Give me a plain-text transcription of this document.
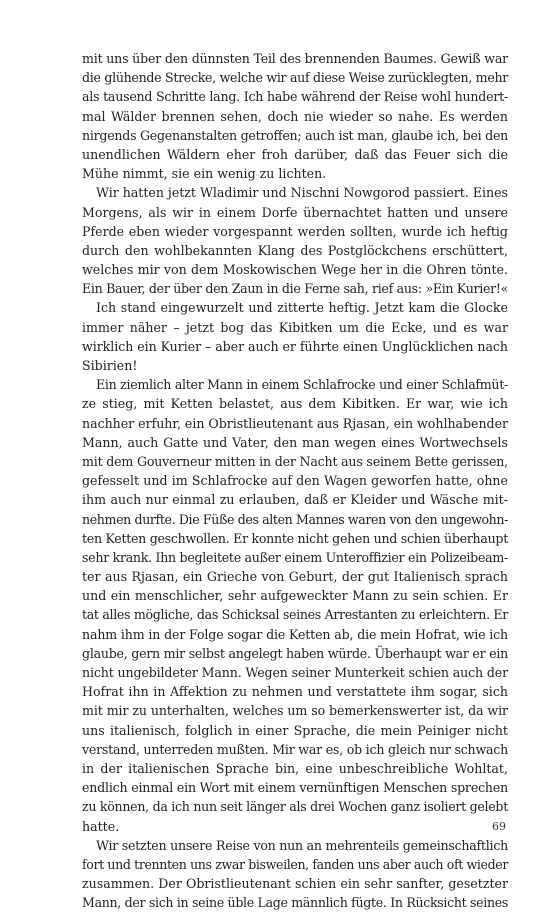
mit uns über den dünnsten Teil des brennenden Baumes. Gewiß war
die glühende Strecke, welche wir auf diese Weise zurücklegten, mehr
als tausend Schritte lang. Ich habe während der Reise wohl hundert-
mal Wälder brennen sehen, doch nie wieder so nahe. Es werden
nirgends Gegenanstalten getroffen; auch ist man, glaube ich, bei den
unendlichen Wäldern eher froh darüber, daß das Feuer sich die
Mühe nimmt, sie ein wenig zu lichten.
Wir hatten jetzt Wladimir und Nischni Nowgorod passiert. Eines
Morgens, als wir in einem Dorfe übernachtet hatten und unsere
Pferde eben wieder vorgespannt werden sollten, wurde ich heftig
durch den wohlbekannten Klang des Postglöckchens erschüttert,
welches mir von dem Moskowischen Wege her in die Ohren tönte.
Ein Bauer, der über den Zaun in die Ferne sah, rief aus: »Ein Kurier!«
Ich stand eingewurzelt und zitterte heftig. Jetzt kam die Glocke
immer näher – jetzt bog das Kibitken um die Ecke, und es war
wirklich ein Kurier – aber auch er führte einen Unglücklichen nach
Sibirien!
Ein ziemlich alter Mann in einem Schlafrocke und einer Schlafmüt-
ze stieg, mit Ketten belastet, aus dem Kibitken. Er war, wie ich
nachher erfuhr, ein Obristlieutenant aus Rjasan, ein wohlhabender
Mann, auch Gatte und Vater, den man wegen eines Wortwechsels
mit dem Gouverneur mitten in der Nacht aus seinem Bette gerissen,
gefesselt und im Schlafrocke auf den Wagen geworfen hatte, ohne
ihm auch nur einmal zu erlauben, daß er Kleider und Wäsche mit-
nehmen durfte. Die Füße des alten Mannes waren von den ungewohn-
ten Ketten geschwollen. Er konnte nicht gehen und schien überhaupt
sehr krank. Ihn begleitete außer einem Unteroffizier ein Polizeibeam-
ter aus Rjasan, ein Grieche von Geburt, der gut Italienisch sprach
und ein menschlicher, sehr aufgeweckter Mann zu sein schien. Er
tat alles mögliche, das Schicksal seines Arrestanten zu erleichtern. Er
nahm ihm in der Folge sogar die Ketten ab, die mein Hofrat, wie ich
glaube, gern mir selbst angelegt haben würde. Überhaupt war er ein
nicht ungebildeter Mann. Wegen seiner Munterkeit schien auch der
Hofrat ihn in Affektion zu nehmen und verstattete ihm sogar, sich
mit mir zu unterhalten, welches um so bemerkenswerter ist, da wir
uns italienisch, folglich in einer Sprache, die mein Peiniger nicht
verstand, unterreden mußten. Mir war es, ob ich gleich nur schwach
in der italienischen Sprache bin, eine unbeschreibliche Wohltat,
endlich einmal ein Wort mit einem vernünftigen Menschen sprechen
zu können, da ich nun seit länger als drei Wochen ganz isoliert gelebt
hatte.
Wir setzten unsere Reise von nun an mehrenteils gemeinschaftlich
fort und trennten uns zwar bisweilen, fanden uns aber auch oft wieder
zusammen. Der Obristlieutenant schien ein sehr sanfter, gesetzter
Mann, der sich in seine üble Lage männlich fügte. In Rücksicht seines
69
